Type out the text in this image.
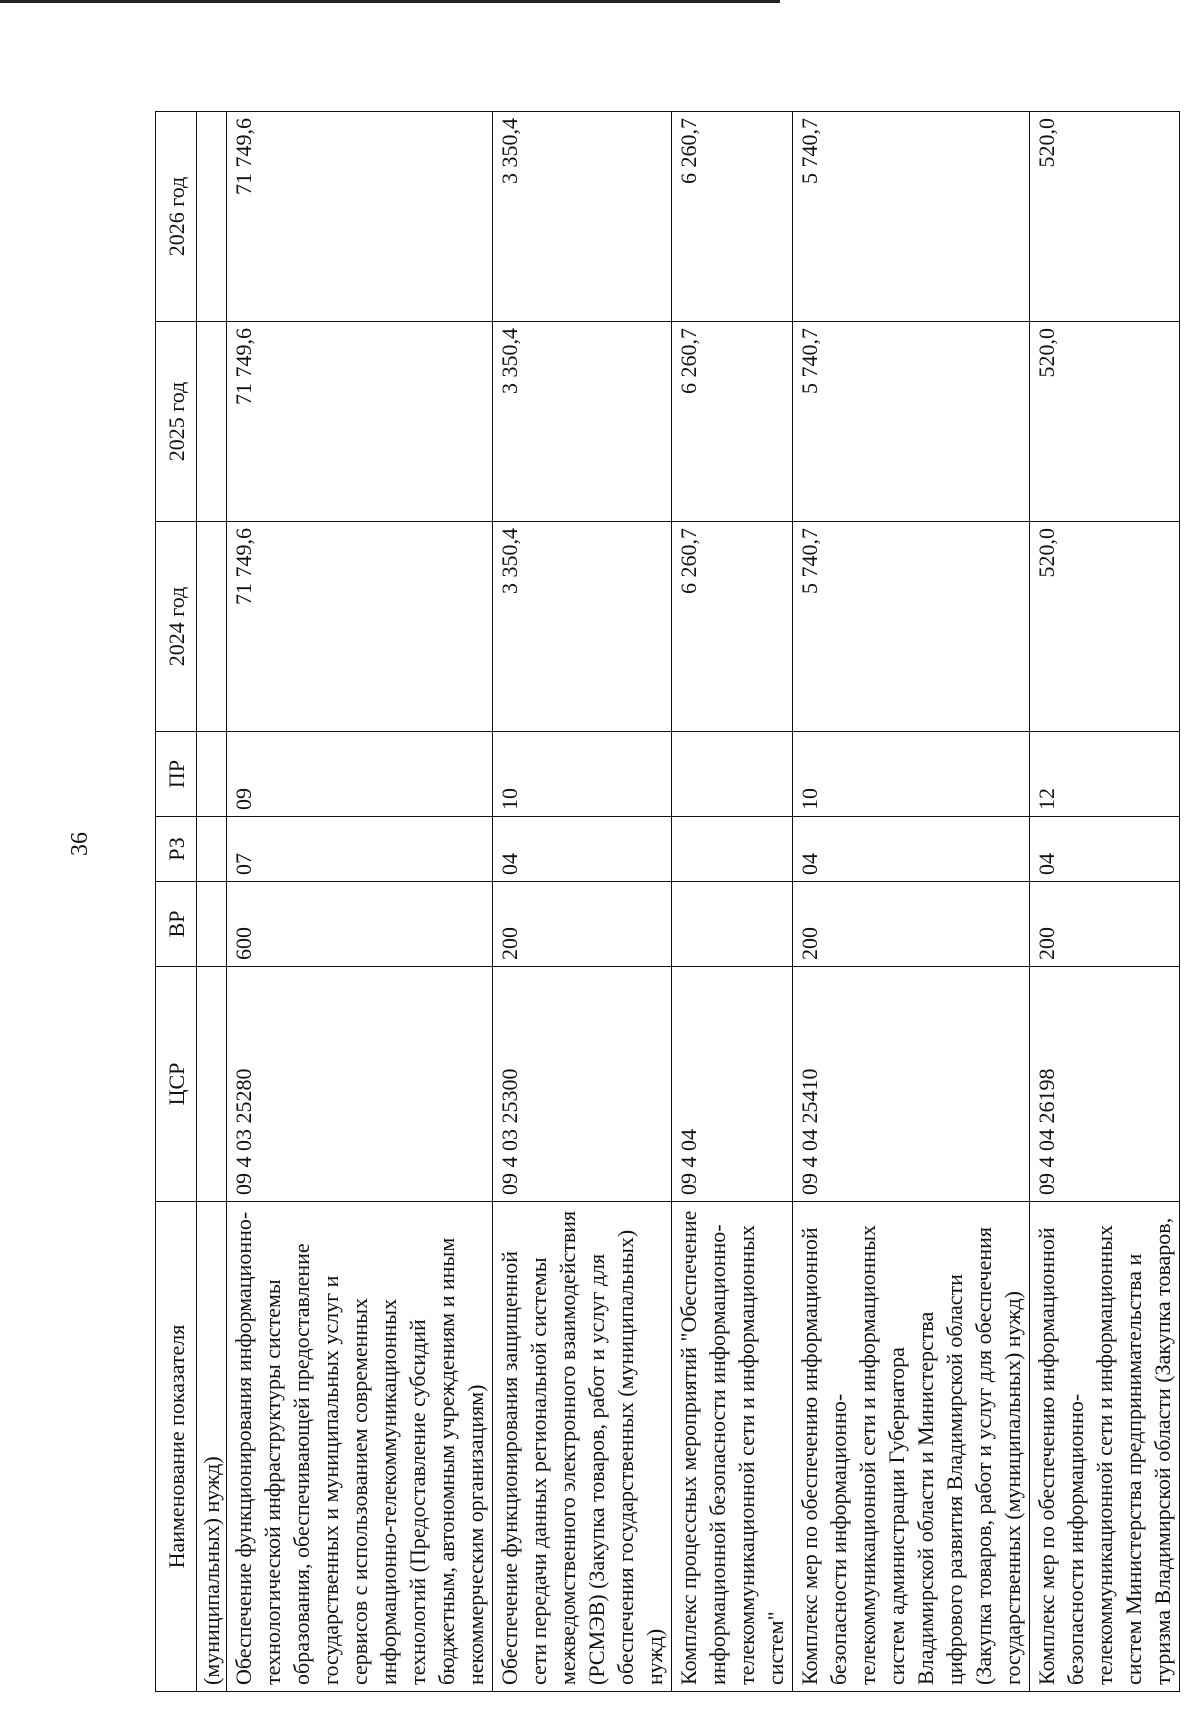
36
Наименование показателя	ЦСР	ВР	РЗ	ПР	2024 год	2025 год	2026 год
(муниципальных) нужд)							
Обеспечение функционирования информационно-технологической инфраструктуры системы образования, обеспечивающей предоставление государственных и муниципальных услуг и сервисов с использованием современных информационно-телекоммуникационных технологий (Предоставление субсидий бюджетным, автономным учреждениям и иным некоммерческим организациям)	09 4 03 25280	600	07	09	71 749,6	71 749,6	71 749,6
Обеспечение функционирования защищенной сети передачи данных региональной системы межведомственного электронного взаимодействия (РСМЭВ) (Закупка товаров, работ и услуг для обеспечения государственных (муниципальных) нужд)	09 4 03 25300	200	04	10	3 350,4	3 350,4	3 350,4
Комплекс процессных мероприятий "Обеспечение информационной безопасности информационно-телекоммуникационной сети и информационных систем"	09 4 04				6 260,7	6 260,7	6 260,7
Комплекс мер по обеспечению информационной безопасности информационно-телекоммуникационной сети и информационных систем администрации Губернатора Владимирской области и Министерства цифрового развития Владимирской области (Закупка товаров, работ и услуг для обеспечения государственных (муниципальных) нужд)	09 4 04 25410	200	04	10	5 740,7	5 740,7	5 740,7
Комплекс мер по обеспечению информационной безопасности информационно-телекоммуникационной сети и информационных систем Министерства предпринимательства и туризма Владимирской области (Закупка товаров,	09 4 04 26198	200	04	12	520,0	520,0	520,0
